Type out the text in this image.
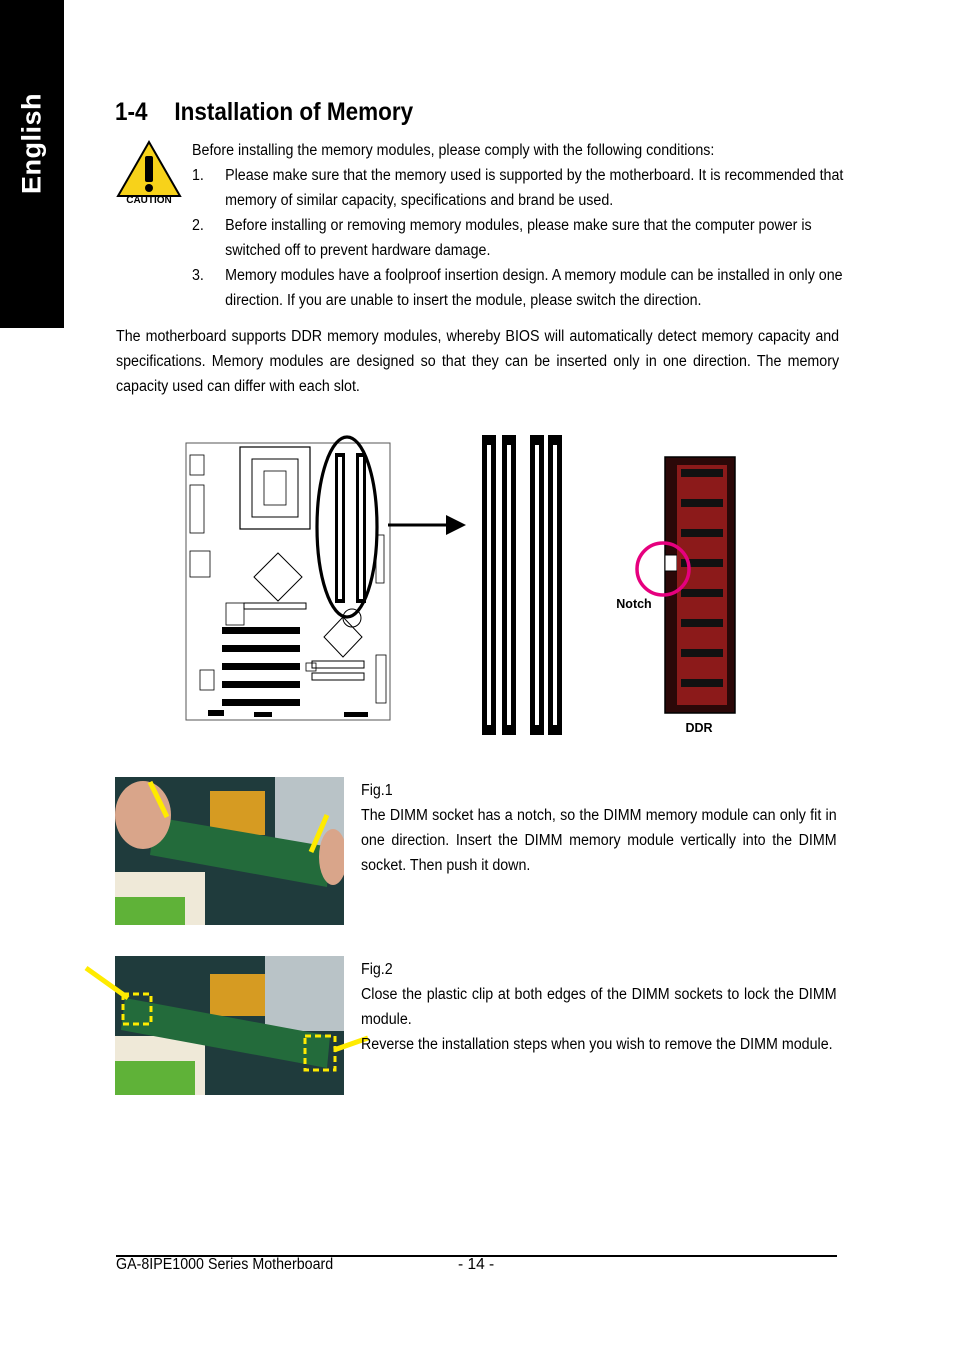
English	1-4 Installation of Memory
CAUTION
Before installing the memory modules, please comply with the following conditions:
1. Please make sure that the memory used is supported by the motherboard. It is recommended that memory of similar capacity, specifications and brand be used.
2. Before installing or removing memory modules, please make sure that the computer power is switched off to prevent hardware damage.
3. Memory modules have a foolproof insertion design. A memory module can be installed in only one direction. If you are unable to insert the module, please switch the direction.
The motherboard supports DDR memory modules, whereby BIOS will automatically detect memory capacity and specifications. Memory modules are designed so that they can be inserted only in one direction. The memory capacity used can differ with each slot.
Notch
DDR
Fig.1
The DIMM socket has a notch, so the DIMM memory module can only fit in one direction. Insert the DIMM memory module vertically into the DIMM socket. Then push it down.
Fig.2
Close the plastic clip at both edges of the DIMM sockets to lock the DIMM module.
Reverse the installation steps when you wish to remove the DIMM module.
GA-8IPE1000 Series Motherboard	- 14 -
